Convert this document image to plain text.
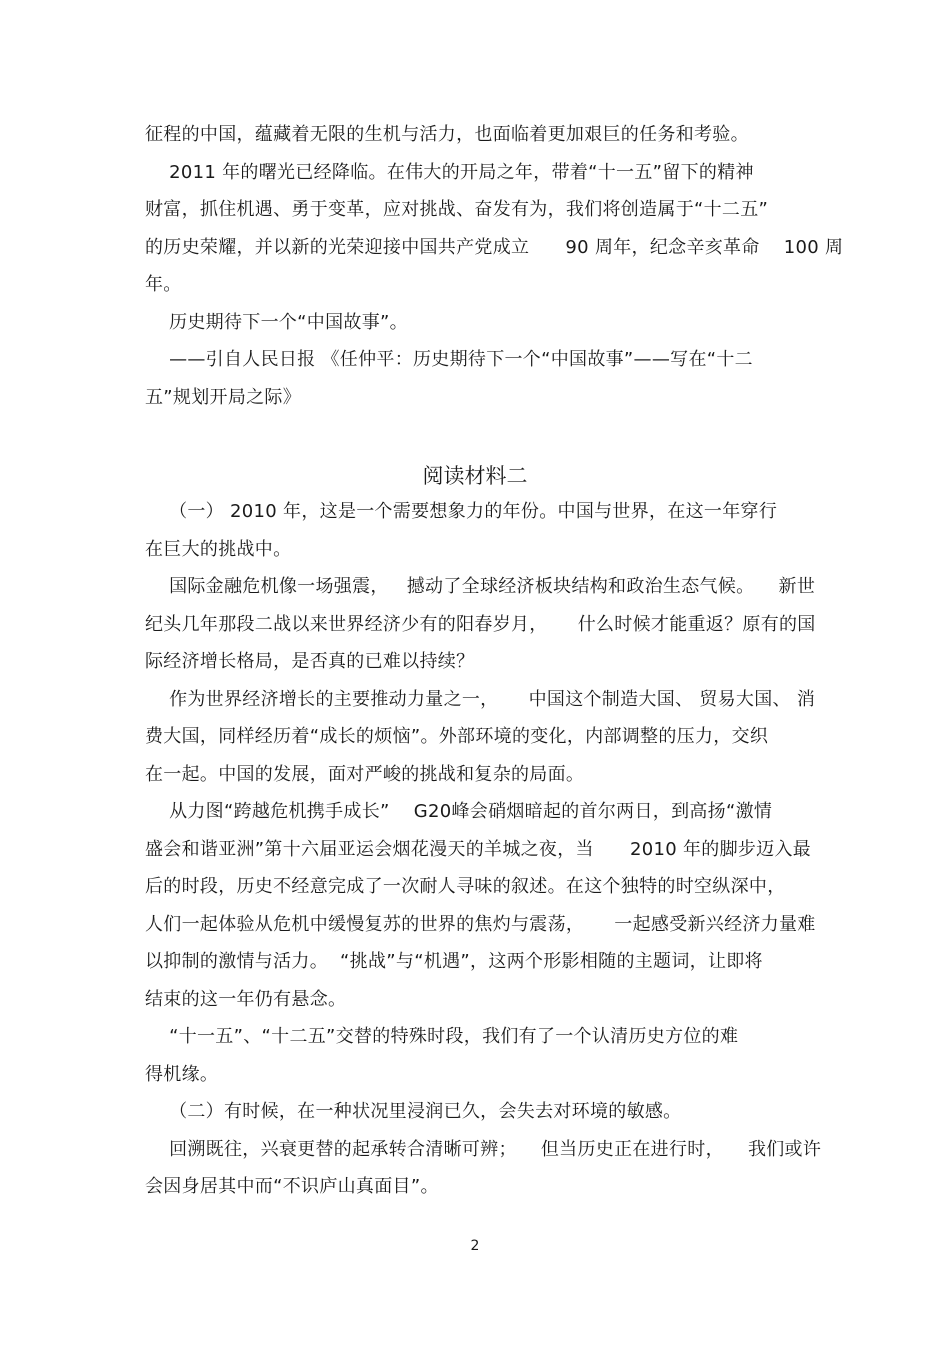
征程的中国，蕴藏着无限的生机与活力，也面临着更加艰巨的任务和考验。
2011 年的曙光已经降临。在伟大的开局之年，带着“十一五”留下的精神
财富，抓住机遇、勇于变革，应对挑战、奋发有为，我们将创造属于“十二五”
的历史荣耀，并以新的光荣迎接中国共产党成立      90 周年，纪念辛亥革命    100 周
年。
历史期待下一个“中国故事”。
——引自人民日报 《任仲平：历史期待下一个“中国故事”——写在“十二
五”规划开局之际》
阅读材料二
（一） 2010 年，这是一个需要想象力的年份。中国与世界，在这一年穿行
在巨大的挑战中。
国际金融危机像一场强震，   撼动了全球经济板块结构和政治生态气候。    新世
纪头几年那段二战以来世界经济少有的阳春岁月，     什么时候才能重返？原有的国
际经济增长格局，是否真的已难以持续？
作为世界经济增长的主要推动力量之一，     中国这个制造大国、 贸易大国、 消
费大国，同样经历着“成长的烦恼”。外部环境的变化，内部调整的压力，交织
在一起。中国的发展，面对严峻的挑战和复杂的局面。
从力图“跨越危机携手成长”    G20峰会硝烟暗起的首尔两日，到高扬“激情
盛会和谐亚洲”第十六届亚运会烟花漫天的羊城之夜，当      2010 年的脚步迈入最
后的时段，历史不经意完成了一次耐人寻味的叙述。在这个独特的时空纵深中，
人们一起体验从危机中缓慢复苏的世界的焦灼与震荡，     一起感受新兴经济力量难
以抑制的激情与活力。  “挑战”与“机遇”，这两个形影相随的主题词，让即将
结束的这一年仍有悬念。
“十一五”、“十二五”交替的特殊时段，我们有了一个认清历史方位的难
得机缘。
（二）有时候，在一种状况里浸润已久，会失去对环境的敏感。
回溯既往，兴衰更替的起承转合清晰可辨；    但当历史正在进行时，    我们或许
会因身居其中而“不识庐山真面目”。
2
